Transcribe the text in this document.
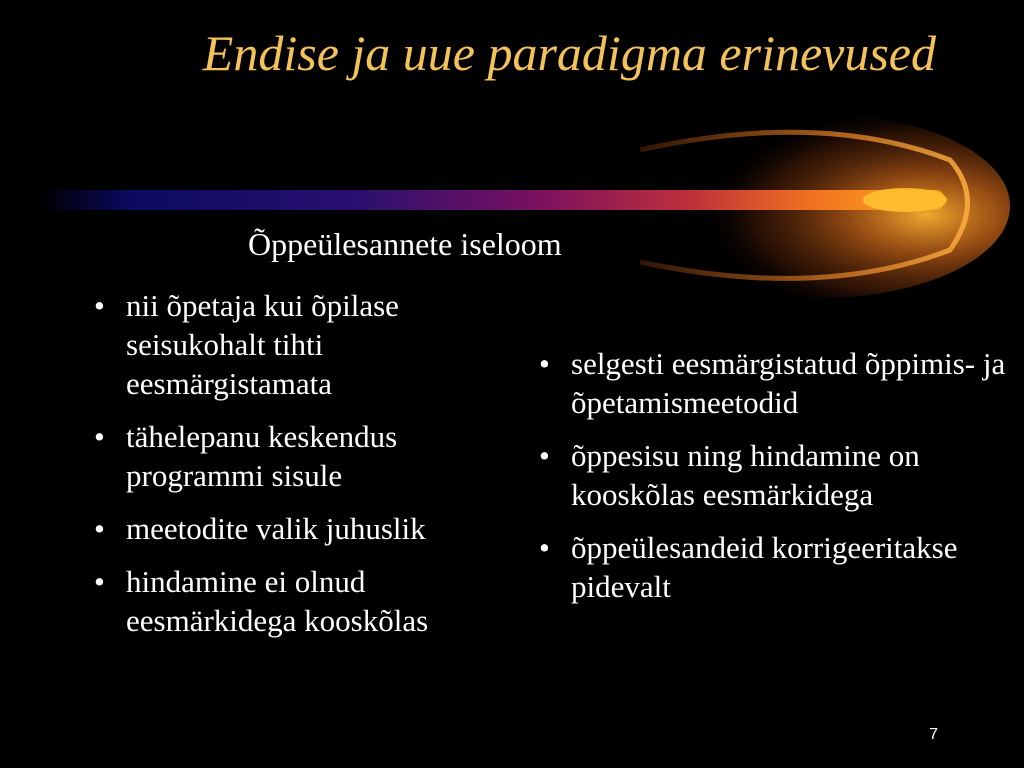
Endise ja uue paradigma erinevused
Õppeülesannete iseloom
• nii õpetaja kui õpilase seisukohalt tihti eesmärgistamata
• tähelepanu keskendus programmi sisule
• meetodite valik juhuslik
• hindamine ei olnud eesmärkidega kooskõlas
• selgesti eesmärgistatud õppimis- ja õpetamismeetodid
• õppesisu ning hindamine on kooskõlas eesmärkidega
• õppeülesandeid korrigeeritakse pidevalt
7
